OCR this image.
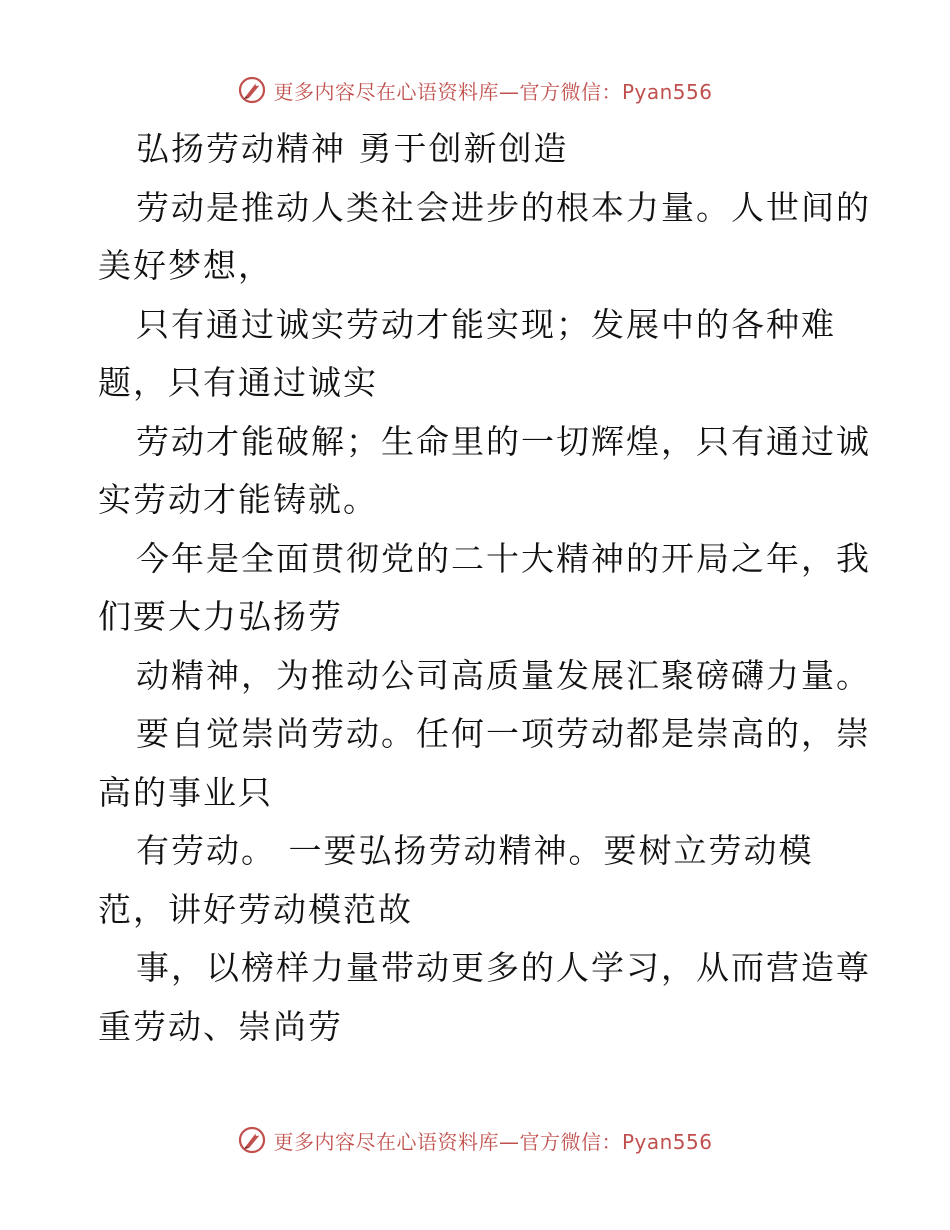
更多内容尽在心语资料库—官方微信：Pyan556

弘扬劳动精神 勇于创新创造

劳动是推动人类社会进步的根本力量。人世间的

美好梦想，

只有通过诚实劳动才能实现；发展中的各种难

题，只有通过诚实

劳动才能破解；生命里的一切辉煌，只有通过诚

实劳动才能铸就。

今年是全面贯彻党的二十大精神的开局之年，我

们要大力弘扬劳

动精神，为推动公司高质量发展汇聚磅礴力量。

要自觉崇尚劳动。任何一项劳动都是崇高的，崇

高的事业只

有劳动。 一要弘扬劳动精神。要树立劳动模

范，讲好劳动模范故

事，以榜样力量带动更多的人学习，从而营造尊

重劳动、崇尚劳

更多内容尽在心语资料库—官方微信：Pyan556
